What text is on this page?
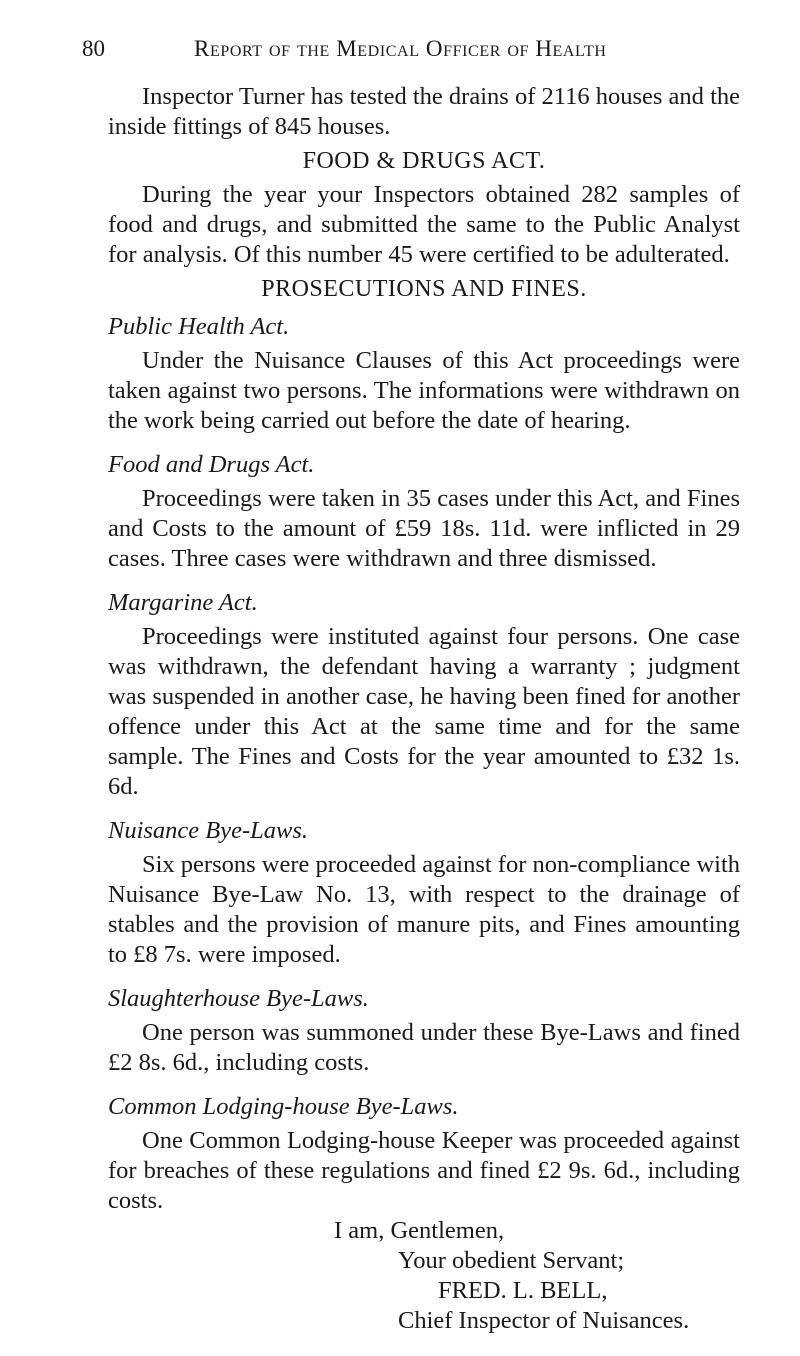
80	Report of the Medical Officer of Health

Inspector Turner has tested the drains of 2116 houses and the inside fittings of 845 houses.

FOOD & DRUGS ACT.

During the year your Inspectors obtained 282 samples of food and drugs, and submitted the same to the Public Analyst for analysis. Of this number 45 were certified to be adulterated.

PROSECUTIONS AND FINES.
Public Health Act.

Under the Nuisance Clauses of this Act proceedings were taken against two persons. The informations were withdrawn on the work being carried out before the date of hearing.

Food and Drugs Act.

Proceedings were taken in 35 cases under this Act, and Fines and Costs to the amount of £59 18s. 11d. were inflicted in 29 cases. Three cases were withdrawn and three dismissed.

Margarine Act.

Proceedings were instituted against four persons. One case was withdrawn, the defendant having a warranty ; judgment was suspended in another case, he having been fined for another offence under this Act at the same time and for the same sample. The Fines and Costs for the year amounted to £32 1s. 6d.

Nuisance Bye-Laws.

Six persons were proceeded against for non-compliance with Nuisance Bye-Law No. 13, with respect to the drainage of stables and the provision of manure pits, and Fines amounting to £8 7s. were imposed.

Slaughterhouse Bye-Laws.

One person was summoned under these Bye-Laws and fined £2 8s. 6d., including costs.

Common Lodging-house Bye-Laws.

One Common Lodging-house Keeper was proceeded against for breaches of these regulations and fined £2 9s. 6d., including costs.

I am, Gentlemen,
Your obedient Servant;
FRED. L. BELL,
Chief Inspector of Nuisances.
